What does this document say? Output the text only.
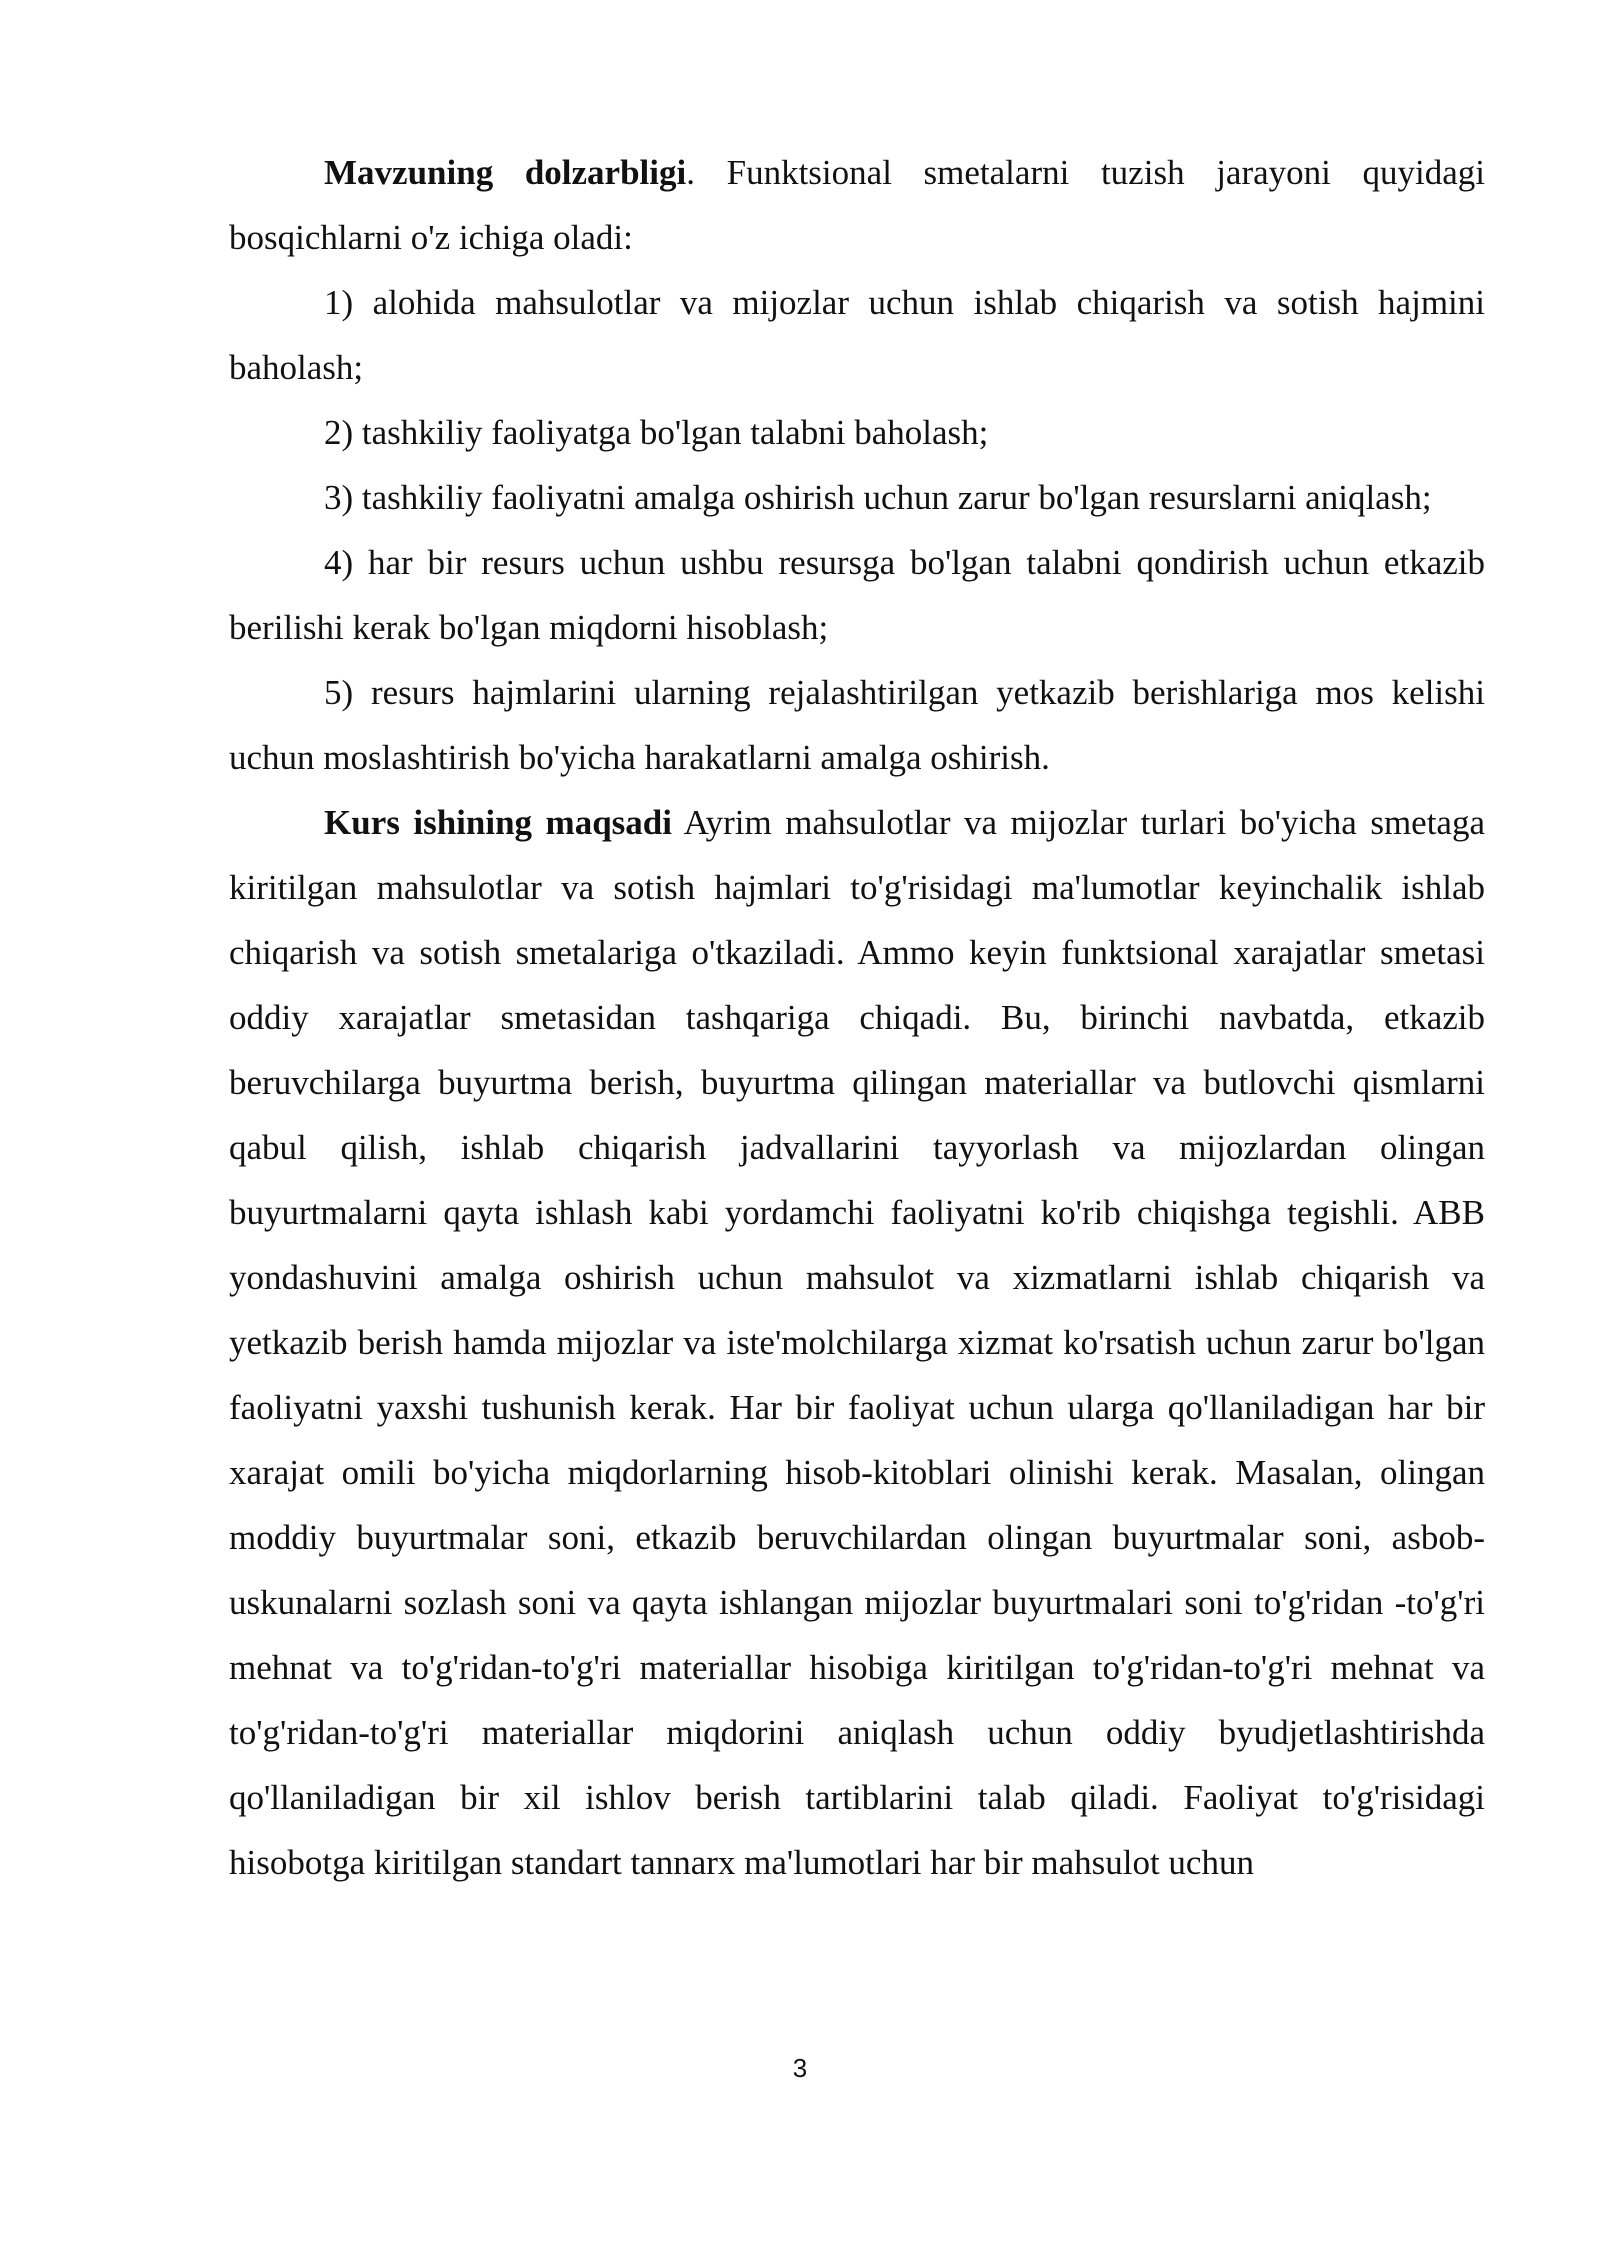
Mavzuning dolzarbligi. Funktsional smetalarni tuzish jarayoni quyidagi bosqichlarni o'z ichiga oladi:

1) alohida mahsulotlar va mijozlar uchun ishlab chiqarish va sotish hajmini baholash;

2) tashkiliy faoliyatga bo'lgan talabni baholash;

3) tashkiliy faoliyatni amalga oshirish uchun zarur bo'lgan resurslarni aniqlash;

4) har bir resurs uchun ushbu resursga bo'lgan talabni qondirish uchun etkazib berilishi kerak bo'lgan miqdorni hisoblash;

5) resurs hajmlarini ularning rejalashtirilgan yetkazib berishlariga mos kelishi uchun moslashtirish bo'yicha harakatlarni amalga oshirish.

Kurs ishining maqsadi Ayrim mahsulotlar va mijozlar turlari bo'yicha smetaga kiritilgan mahsulotlar va sotish hajmlari to'g'risidagi ma'lumotlar keyinchalik ishlab chiqarish va sotish smetalariga o'tkaziladi. Ammo keyin funktsional xarajatlar smetasi oddiy xarajatlar smetasidan tashqariga chiqadi. Bu, birinchi navbatda, etkazib beruvchilarga buyurtma berish, buyurtma qilingan materiallar va butlovchi qismlarni qabul qilish, ishlab chiqarish jadvallarini tayyorlash va mijozlardan olingan buyurtmalarni qayta ishlash kabi yordamchi faoliyatni ko'rib chiqishga tegishli. ABB yondashuvini amalga oshirish uchun mahsulot va xizmatlarni ishlab chiqarish va yetkazib berish hamda mijozlar va iste'molchilarga xizmat ko'rsatish uchun zarur bo'lgan faoliyatni yaxshi tushunish kerak. Har bir faoliyat uchun ularga qo'llaniladigan har bir xarajat omili bo'yicha miqdorlarning hisob-kitoblari olinishi kerak. Masalan, olingan moddiy buyurtmalar soni, etkazib beruvchilardan olingan buyurtmalar soni, asbob-uskunalarni sozlash soni va qayta ishlangan mijozlar buyurtmalari soni to'g'ridan -to'g'ri mehnat va to'g'ridan-to'g'ri materiallar hisobiga kiritilgan to'g'ridan-to'g'ri mehnat va to'g'ridan-to'g'ri materiallar miqdorini aniqlash uchun oddiy byudjetlashtirishda qo'llaniladigan bir xil ishlov berish tartiblarini talab qiladi. Faoliyat to'g'risidagi hisobotga kiritilgan standart tannarx ma'lumotlari har bir mahsulot uchun

3
